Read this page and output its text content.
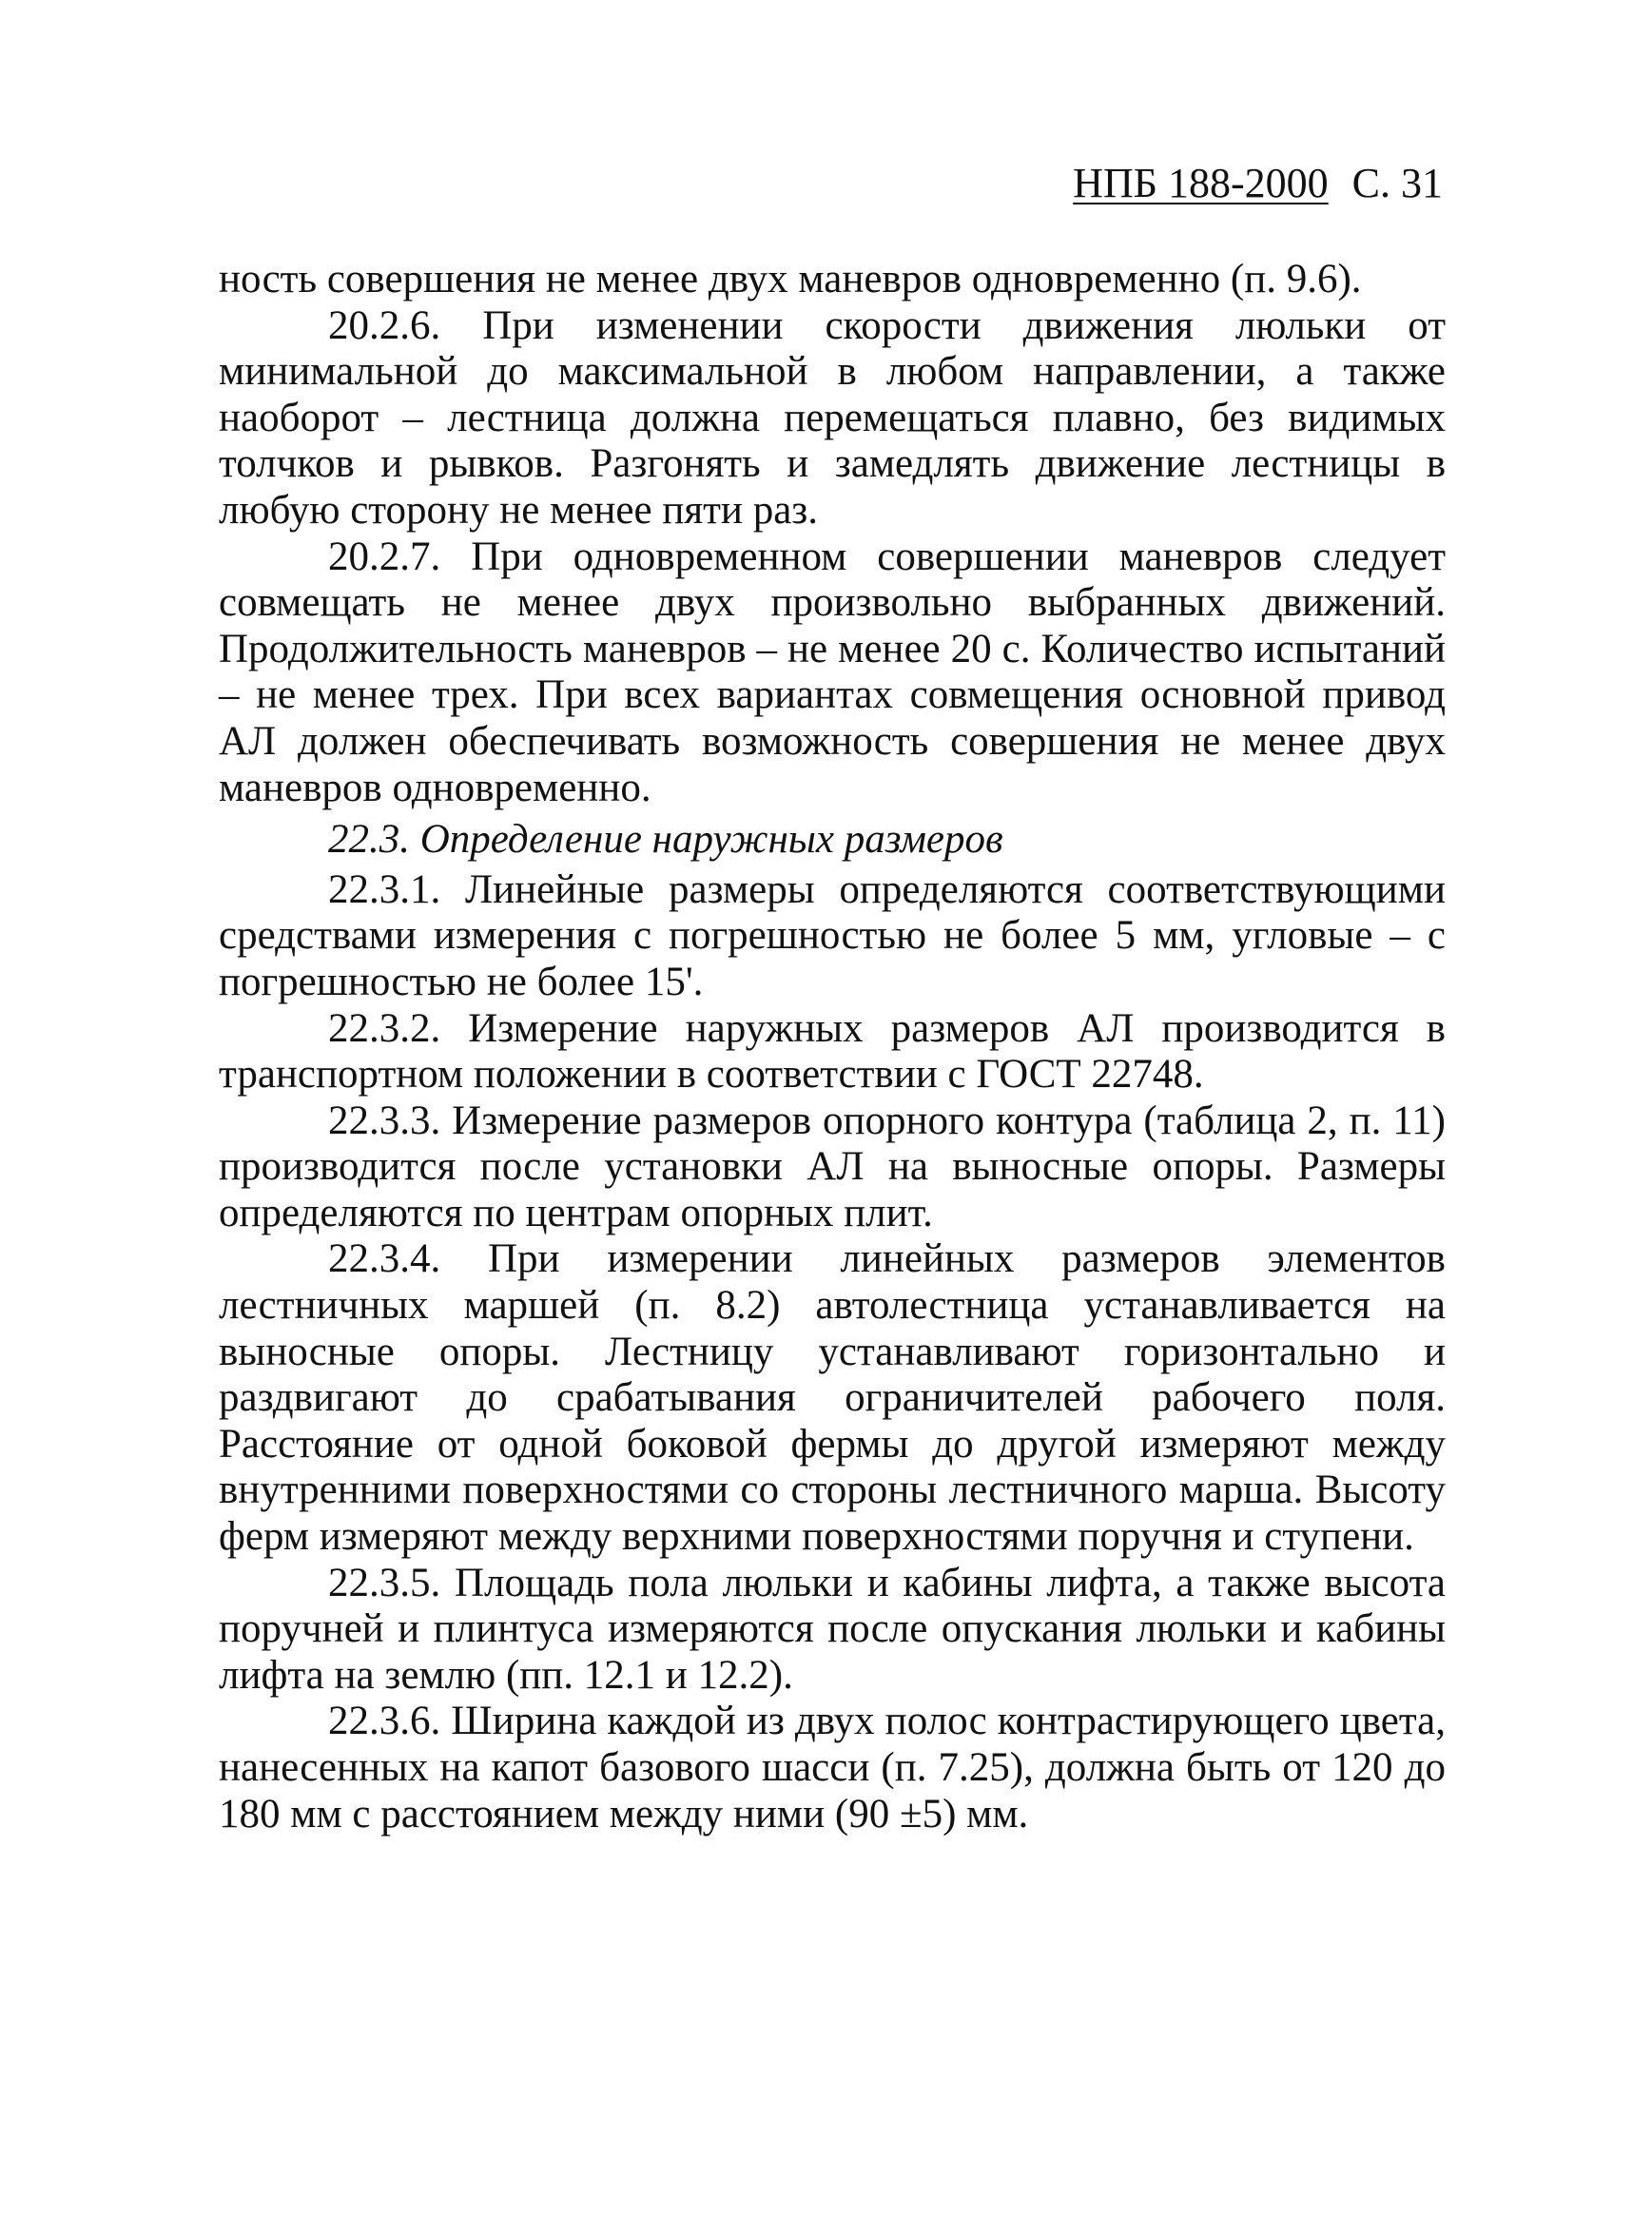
НПБ 188-2000 С. 31

ность совершения не менее двух маневров одновременно (п. 9.6).

20.2.6. При изменении скорости движения люльки от минимальной до максимальной в любом направлении, а также наоборот – лестница должна перемещаться плавно, без видимых толчков и рывков. Разгонять и замедлять движение лестницы в любую сторону не менее пяти раз.

20.2.7. При одновременном совершении маневров следует совмещать не менее двух произвольно выбранных движений. Продолжительность маневров – не менее 20 с. Количество испытаний – не менее трех. При всех вариантах совмещения основной привод АЛ должен обеспечивать возможность совершения не менее двух маневров одновременно.

22.3. Определение наружных размеров

22.3.1. Линейные размеры определяются соответствующими средствами измерения с погрешностью не более 5 мм, угловые – с погрешностью не более 15'.

22.3.2. Измерение наружных размеров АЛ производится в транспортном положении в соответствии с ГОСТ 22748.

22.3.3. Измерение размеров опорного контура (таблица 2, п. 11) производится после установки АЛ на выносные опоры. Размеры определяются по центрам опорных плит.

22.3.4. При измерении линейных размеров элементов лестничных маршей (п. 8.2) автолестница устанавливается на выносные опоры. Лестницу устанавливают горизонтально и раздвигают до срабатывания ограничителей рабочего поля. Расстояние от одной боковой фермы до другой измеряют между внутренними поверхностями со стороны лестничного марша. Высоту ферм измеряют между верхними поверхностями поручня и ступени.

22.3.5. Площадь пола люльки и кабины лифта, а также высота поручней и плинтуса измеряются после опускания люльки и кабины лифта на землю (пп. 12.1 и 12.2).

22.3.6. Ширина каждой из двух полос контрастирующего цвета, нанесенных на капот базового шасси (п. 7.25), должна быть от 120 до 180 мм с расстоянием между ними (90 ±5) мм.
